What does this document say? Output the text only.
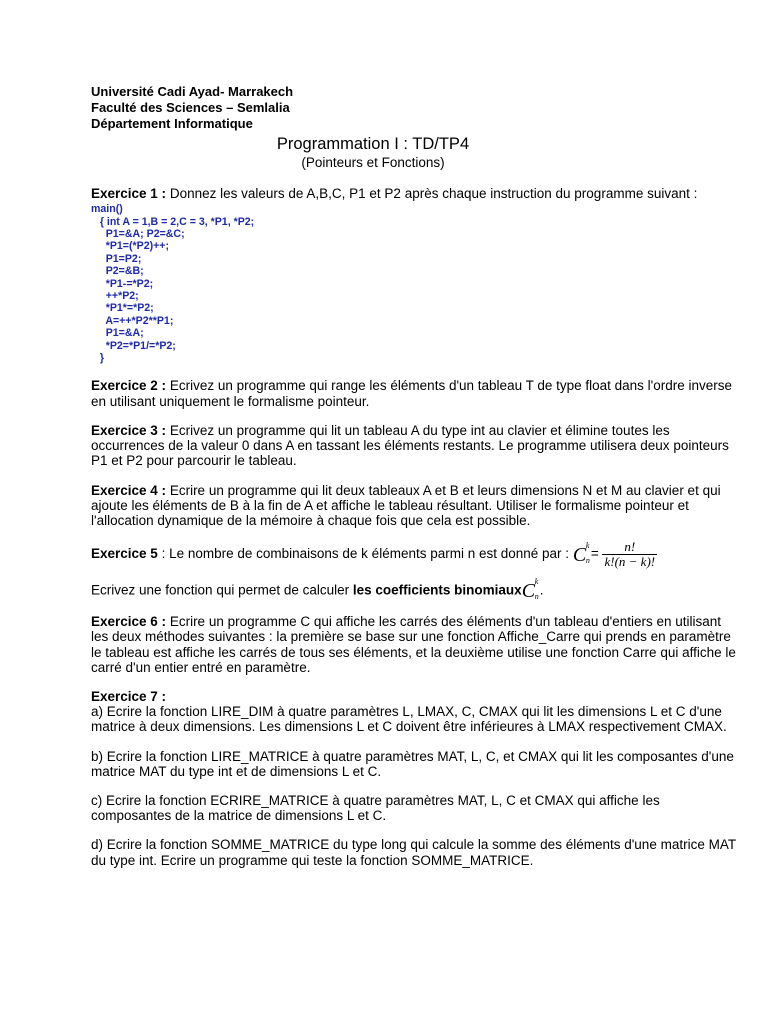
Université Cadi Ayad- Marrakech

Faculté des Sciences – Semlalia

Département Informatique

Programmation I : TD/TP4

(Pointeurs et Fonctions)

Exercice 1 : Donnez les valeurs de A,B,C, P1 et P2 après chaque instruction du programme suivant :

main()
{ int A = 1,B = 2,C = 3, *P1, *P2;
P1=&A; P2=&C;
*P1=(*P2)++;
P1=P2;
P2=&B;
*P1-=*P2;
++*P2;
*P1*=*P2;
A=++*P2**P1;
P1=&A;
*P2=*P1/=*P2;
}

Exercice 2 : Ecrivez un programme qui range les éléments d'un tableau T de type float dans l'ordre inverse en utilisant uniquement le formalisme pointeur.

Exercice 3 : Ecrivez un programme qui lit un tableau A du type int au clavier et élimine toutes les occurrences de la valeur 0 dans A en tassant les éléments restants. Le programme utilisera deux pointeurs P1 et P2 pour parcourir le tableau.

Exercice 4 : Ecrire un programme qui lit deux tableaux A et B et leurs dimensions N et M au clavier et qui ajoute les éléments de B à la fin de A et affiche le tableau résultant. Utiliser le formalisme pointeur et l'allocation dynamique de la mémoire à chaque fois que cela est possible.

Exercice 5 : Le nombre de combinaisons de k éléments parmi n est donné par : C k
$n = \frac{n!}{k!(n - k)!}$

Ecrivez une fonction qui permet de calculer les coefficients binomiaux C k
n .

Exercice 6 : Ecrire un programme C qui affiche les carrés des éléments d'un tableau d'entiers en utilisant les deux méthodes suivantes : la première se base sur une fonction Affiche_Carre qui prends en paramètre le tableau est affiche les carrés de tous ses éléments, et la deuxième utilise une fonction Carre qui affiche le carré d'un entier entré en paramètre.

Exercice 7 :

a) Ecrire la fonction LIRE_DIM à quatre paramètres L, LMAX, C, CMAX qui lit les dimensions L et C d'une matrice à deux dimensions. Les dimensions L et C doivent être inférieures à LMAX respectivement CMAX.

b) Ecrire la fonction LIRE_MATRICE à quatre paramètres MAT, L, C, et CMAX qui lit les composantes d'une matrice MAT du type int et de dimensions L et C.

c) Ecrire la fonction ECRIRE_MATRICE à quatre paramètres MAT, L, C et CMAX qui affiche les composantes de la matrice de dimensions L et C.

d) Ecrire la fonction SOMME_MATRICE du type long qui calcule la somme des éléments d'une matrice MAT du type int. Ecrire un programme qui teste la fonction SOMME_MATRICE.
